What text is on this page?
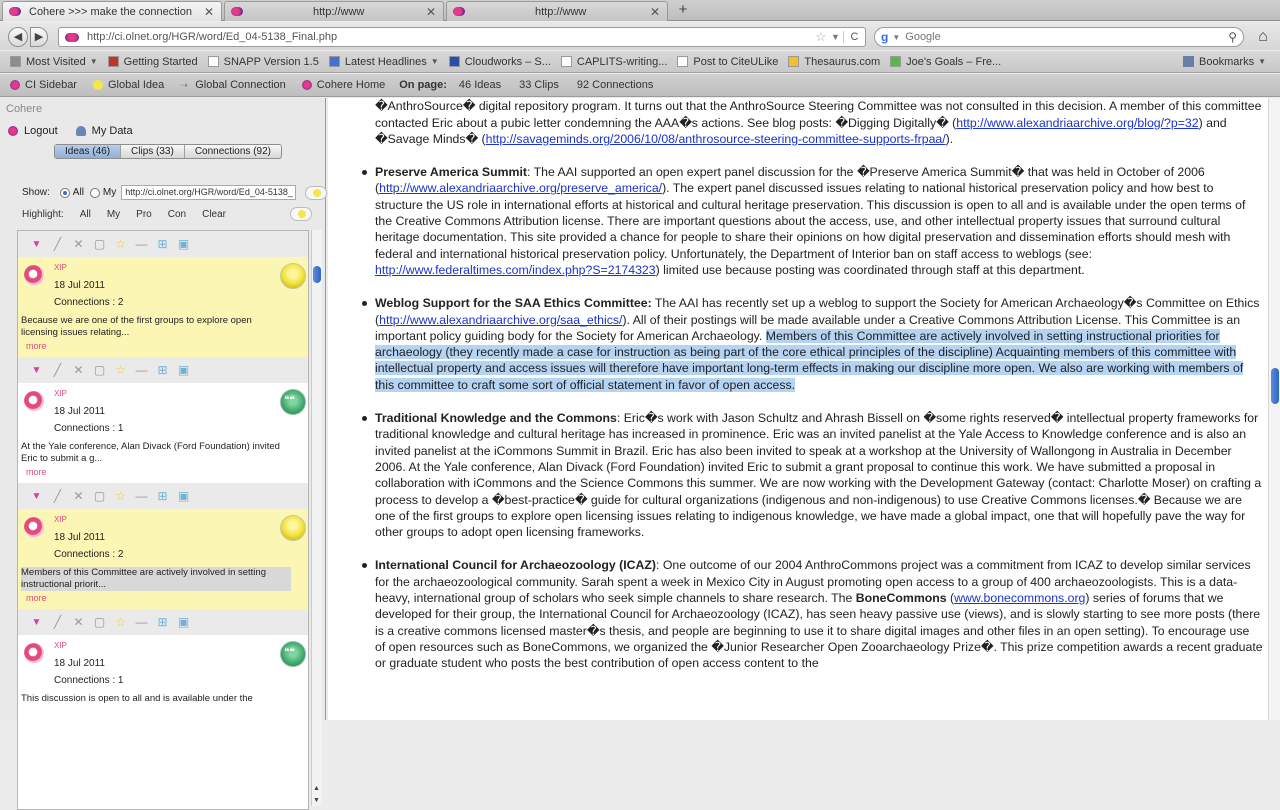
Cohere >>> make the connection ✕	http://www	✕	http://www	✕	+
◀	▶	http://ci.olnet.org/HGR/word/Ed_04-5138_Final.php	☆ ▼ C	g ▼
Google	⚲	⌂
Most Visited ▼ Getting Started SNAPP Version 1.5 Latest Headlines ▼ Cloudworks – S... CAPLITS-writing... Post to CiteULike Thesaurus.com Joe's Goals – Fre...	Bookmarks ▼
CI Sidebar	Global Idea ⇢ Global Connection	Cohere Home On page: 46 Ideas 33 Clips 92 Connections
Cohere
Logout	My Data
Ideas (46)	Clips (33)	Connections (92)
Show: All My	http://ci.olnet.org/HGR/word/Ed_04-5138_
Highlight: All My Pro Con Clear
▼	╱	✕ ▢ ☆ — ⊞ ▣
XIP
18 Jul 2011
Connections : 2
Because we are one of the first groups to explore open licensing issues relating...
more
▼	╱	✕ ▢ ☆ — ⊞ ▣
XIP
18 Jul 2011
Connections : 1
At the Yale conference, Alan Divack (Ford Foundation) invited Eric to submit a g...
more
❝❝
▼	╱	✕ ▢ ☆ — ⊞ ▣
XIP
18 Jul 2011
Connections : 2
Members of this Committee are actively involved in setting instructional priorit...
more
▼	╱	✕ ▢ ☆ — ⊞ ▣
XIP
18 Jul 2011
Connections : 1
This discussion is open to all and is available under the
❝❝
▲
▼
�AnthroSource� digital repository program. It turns out that the AnthroSource Steering Committee was not consulted in this decision. A member of this committee contacted Eric about a pubic letter condemning the AAA�s actions. See blog posts: �Digging Digitally� (http://www.alexandriaarchive.org/blog/?p=32) and �Savage Minds� (http://savageminds.org/2006/10/08/anthrosource-steering-committee-supports-frpaa/).
Preserve America Summit: The AAI supported an open expert panel discussion for the �Preserve America Summit� that was held in October of 2006 (http://www.alexandriaarchive.org/preserve_america/). The expert panel discussed issues relating to national historical preservation policy and how best to structure the US role in international efforts at historical and cultural heritage preservation. This discussion is open to all and is available under the open terms of the Creative Commons Attribution license. There are important questions about the access, use, and other intellectual property issues that surround cultural heritage documentation. This site provided a chance for people to share their opinions on how digital preservation and dissemination efforts should mesh with federal and international historical preservation policy. Unfortunately, the Department of Interior ban on staff access to weblogs (see: http://www.federaltimes.com/index.php?S=2174323) limited use because posting was coordinated through staff at this department.
Weblog Support for the SAA Ethics Committee: The AAI has recently set up a weblog to support the Society for American Archaeology�s Committee on Ethics (http://www.alexandriaarchive.org/saa_ethics/). All of their postings will be made available under a Creative Commons Attribution License. This Committee is an important policy guiding body for the Society for American Archaeology. Members of this Committee are actively involved in setting instructional priorities for archaeology (they recently made a case for instruction as being part of the core ethical principles of the discipline) Acquainting members of this committee with intellectual property and access issues will therefore have important long-term effects in making our discipline more open. We also are working with members of this committee to craft some sort of official statement in favor of open access.
Traditional Knowledge and the Commons: Eric�s work with Jason Schultz and Ahrash Bissell on �some rights reserved� intellectual property frameworks for traditional knowledge and cultural heritage has increased in prominence. Eric was an invited panelist at the Yale Access to Knowledge conference and is also an invited panelist at the iCommons Summit in Brazil. Eric has also been invited to speak at a workshop at the University of Wallongong in Australia in December 2006. At the Yale conference, Alan Divack (Ford Foundation) invited Eric to submit a grant proposal to continue this work. We have submitted a proposal in collaboration with iCommons and the Science Commons this summer. We are now working with the Development Gateway (contact: Charlotte Moser) on crafting a process to develop a �best-practice� guide for cultural organizations (indigenous and non-indigenous) to use Creative Commons licenses.� Because we are one of the first groups to explore open licensing issues relating to indigenous knowledge, we have made a global impact, one that will hopefully pave the way for other groups to adopt open licensing frameworks.
International Council for Archaeozoology (ICAZ): One outcome of our 2004 AnthroCommons project was a commitment from ICAZ to develop similar services for the archaeozoological community. Sarah spent a week in Mexico City in August promoting open access to a group of 400 archaeozoologists. This is a data-heavy, international group of scholars who seek simple channels to share research. The BoneCommons (www.bonecommons.org) series of forums that we developed for their group, the International Council for Archaeozoology (ICAZ), has seen heavy passive use (views), and is slowly starting to see more posts (there is a creative commons licensed master�s thesis, and people are beginning to use it to share digital images and other files in an open setting). To encourage use of open resources such as BoneCommons, we organized the �Junior Researcher Open Zooarchaeology Prize�. This prize competition awards a recent graduate or graduate student who posts the best contribution of open access content to the
